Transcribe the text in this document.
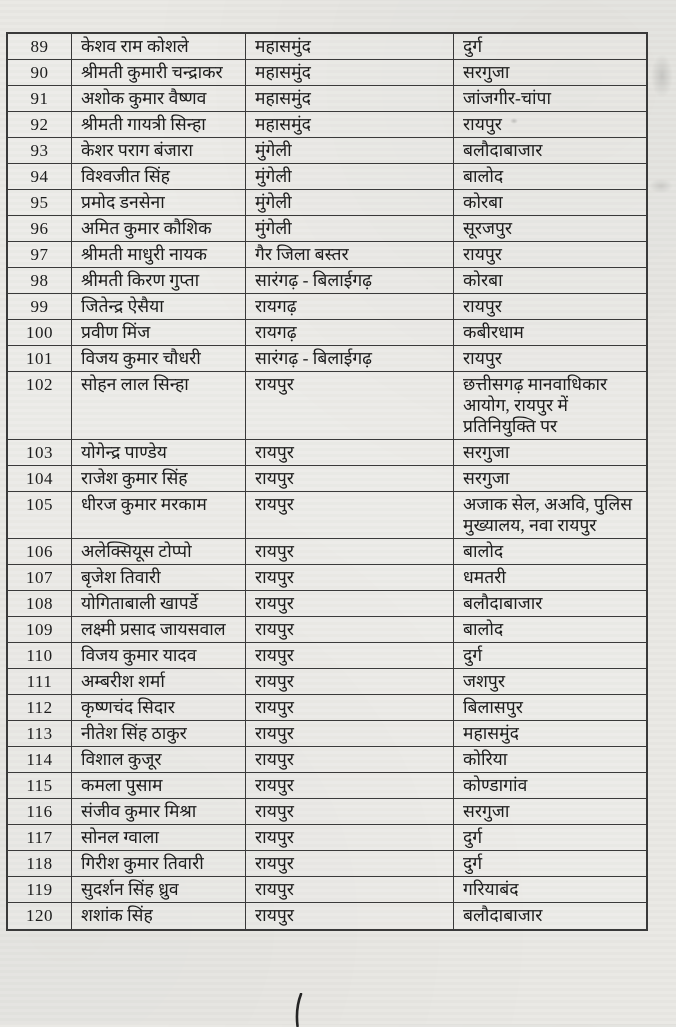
89	केशव राम कोशले	महासमुंद	दुर्ग
90	श्रीमती कुमारी चन्द्राकर	महासमुंद	सरगुजा
91	अशोक कुमार वैष्णव	महासमुंद	जांजगीर-चांपा
92	श्रीमती गायत्री सिन्हा	महासमुंद	रायपुर
93	केशर पराग बंजारा	मुंगेली	बलौदाबाजार
94	विश्वजीत सिंह	मुंगेली	बालोद
95	प्रमोद डनसेना	मुंगेली	कोरबा
96	अमित कुमार कौशिक	मुंगेली	सूरजपुर
97	श्रीमती माधुरी नायक	गैर जिला बस्तर	रायपुर
98	श्रीमती किरण गुप्ता	सारंगढ़ - बिलाईगढ़	कोरबा
99	जितेन्द्र ऐसैया	रायगढ़	रायपुर
100	प्रवीण मिंज	रायगढ़	कबीरधाम
101	विजय कुमार चौधरी	सारंगढ़ - बिलाईगढ़	रायपुर
102	सोहन लाल सिन्हा	रायपुर	छत्तीसगढ़ मानवाधिकार आयोग, रायपुर में प्रतिनियुक्ति पर
103	योगेन्द्र पाण्डेय	रायपुर	सरगुजा
104	राजेश कुमार सिंह	रायपुर	सरगुजा
105	धीरज कुमार मरकाम	रायपुर	अजाक सेल, अअवि, पुलिस मुख्यालय, नवा रायपुर
106	अलेक्सियूस टोप्पो	रायपुर	बालोद
107	बृजेश तिवारी	रायपुर	धमतरी
108	योगिताबाली खापर्डे	रायपुर	बलौदाबाजार
109	लक्ष्मी प्रसाद जायसवाल	रायपुर	बालोद
110	विजय कुमार यादव	रायपुर	दुर्ग
111	अम्बरीश शर्मा	रायपुर	जशपुर
112	कृष्णचंद सिदार	रायपुर	बिलासपुर
113	नीतेश सिंह ठाकुर	रायपुर	महासमुंद
114	विशाल कुजूर	रायपुर	कोरिया
115	कमला पुसाम	रायपुर	कोण्डागांव
116	संजीव कुमार मिश्रा	रायपुर	सरगुजा
117	सोनल ग्वाला	रायपुर	दुर्ग
118	गिरीश कुमार तिवारी	रायपुर	दुर्ग
119	सुदर्शन सिंह ध्रुव	रायपुर	गरियाबंद
120	शशांक सिंह	रायपुर	बलौदाबाजार
